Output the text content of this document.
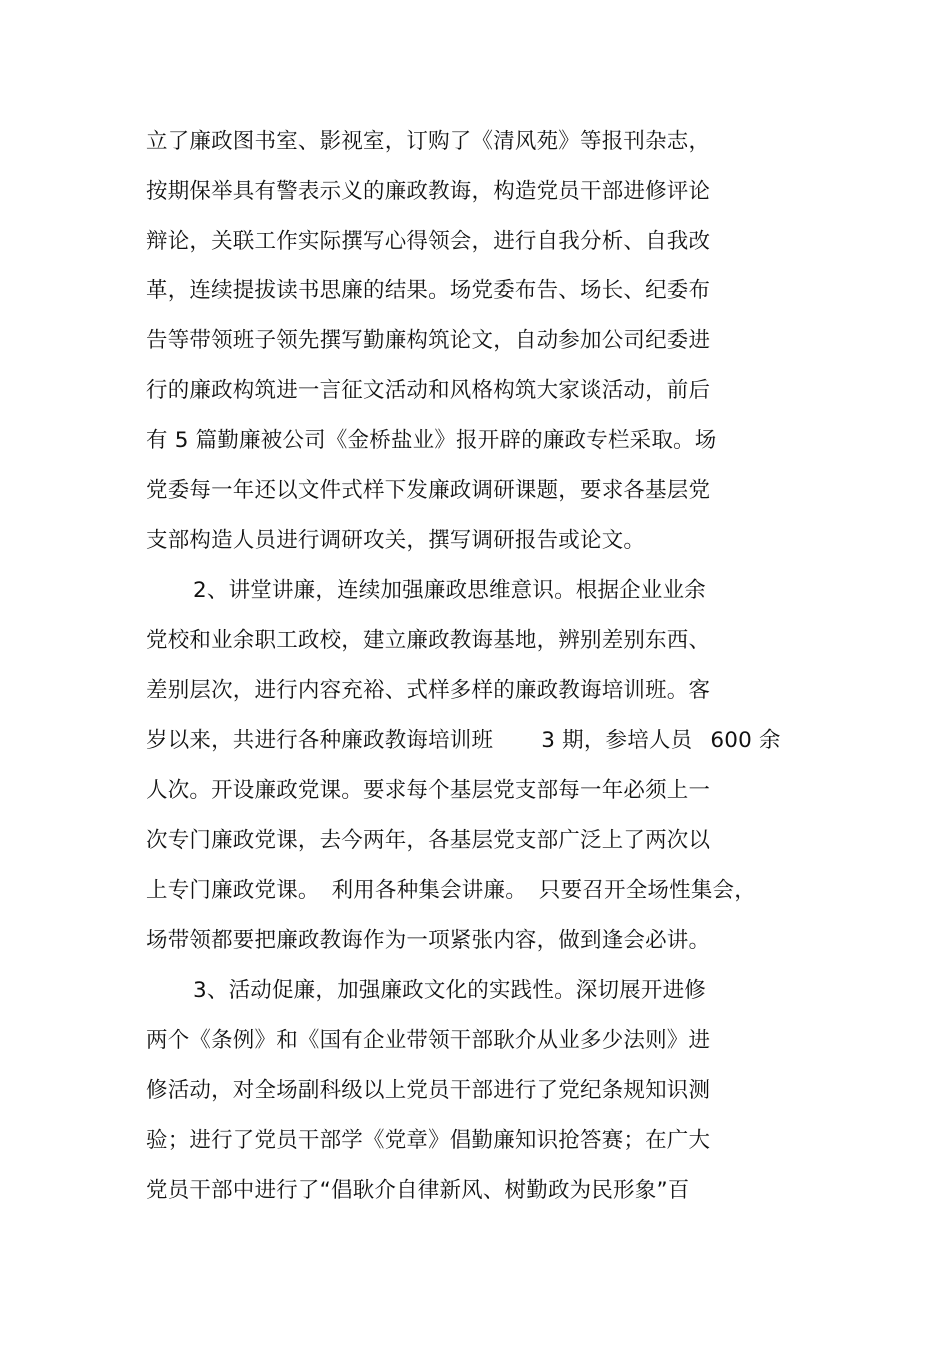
立了廉政图书室、影视室，订购了《清风苑》等报刊杂志，
按期保举具有警表示义的廉政教诲，构造党员干部进修评论
辩论，关联工作实际撰写心得领会，进行自我分析、自我改
革，连续提拔读书思廉的结果。场党委布告、场长、纪委布
告等带领班子领先撰写勤廉构筑论文，自动参加公司纪委进
行的廉政构筑进一言征文活动和风格构筑大家谈活动，前后
有 5 篇勤廉被公司《金桥盐业》报开辟的廉政专栏采取。场
党委每一年还以文件式样下发廉政调研课题，要求各基层党
支部构造人员进行调研攻关，撰写调研报告或论文。
2、讲堂讲廉，连续加强廉政思维意识。根据企业业余
党校和业余职工政校，建立廉政教诲基地，辨别差别东西、
差别层次，进行内容充裕、式样多样的廉政教诲培训班。客
岁以来，共进行各种廉政教诲培训班 3 期，参培人员 600 余
人次。开设廉政党课。要求每个基层党支部每一年必须上一
次专门廉政党课，去今两年，各基层党支部广泛上了两次以
上专门廉政党课。 利用各种集会讲廉。 只要召开全场性集会，
场带领都要把廉政教诲作为一项紧张内容，做到逢会必讲。
3、活动促廉，加强廉政文化的实践性。深切展开进修
两个《条例》和《国有企业带领干部耿介从业多少法则》进
修活动，对全场副科级以上党员干部进行了党纪条规知识测
验；进行了党员干部学《党章》倡勤廉知识抢答赛；在广大
党员干部中进行了“倡耿介自律新风、树勤政为民形象”百
